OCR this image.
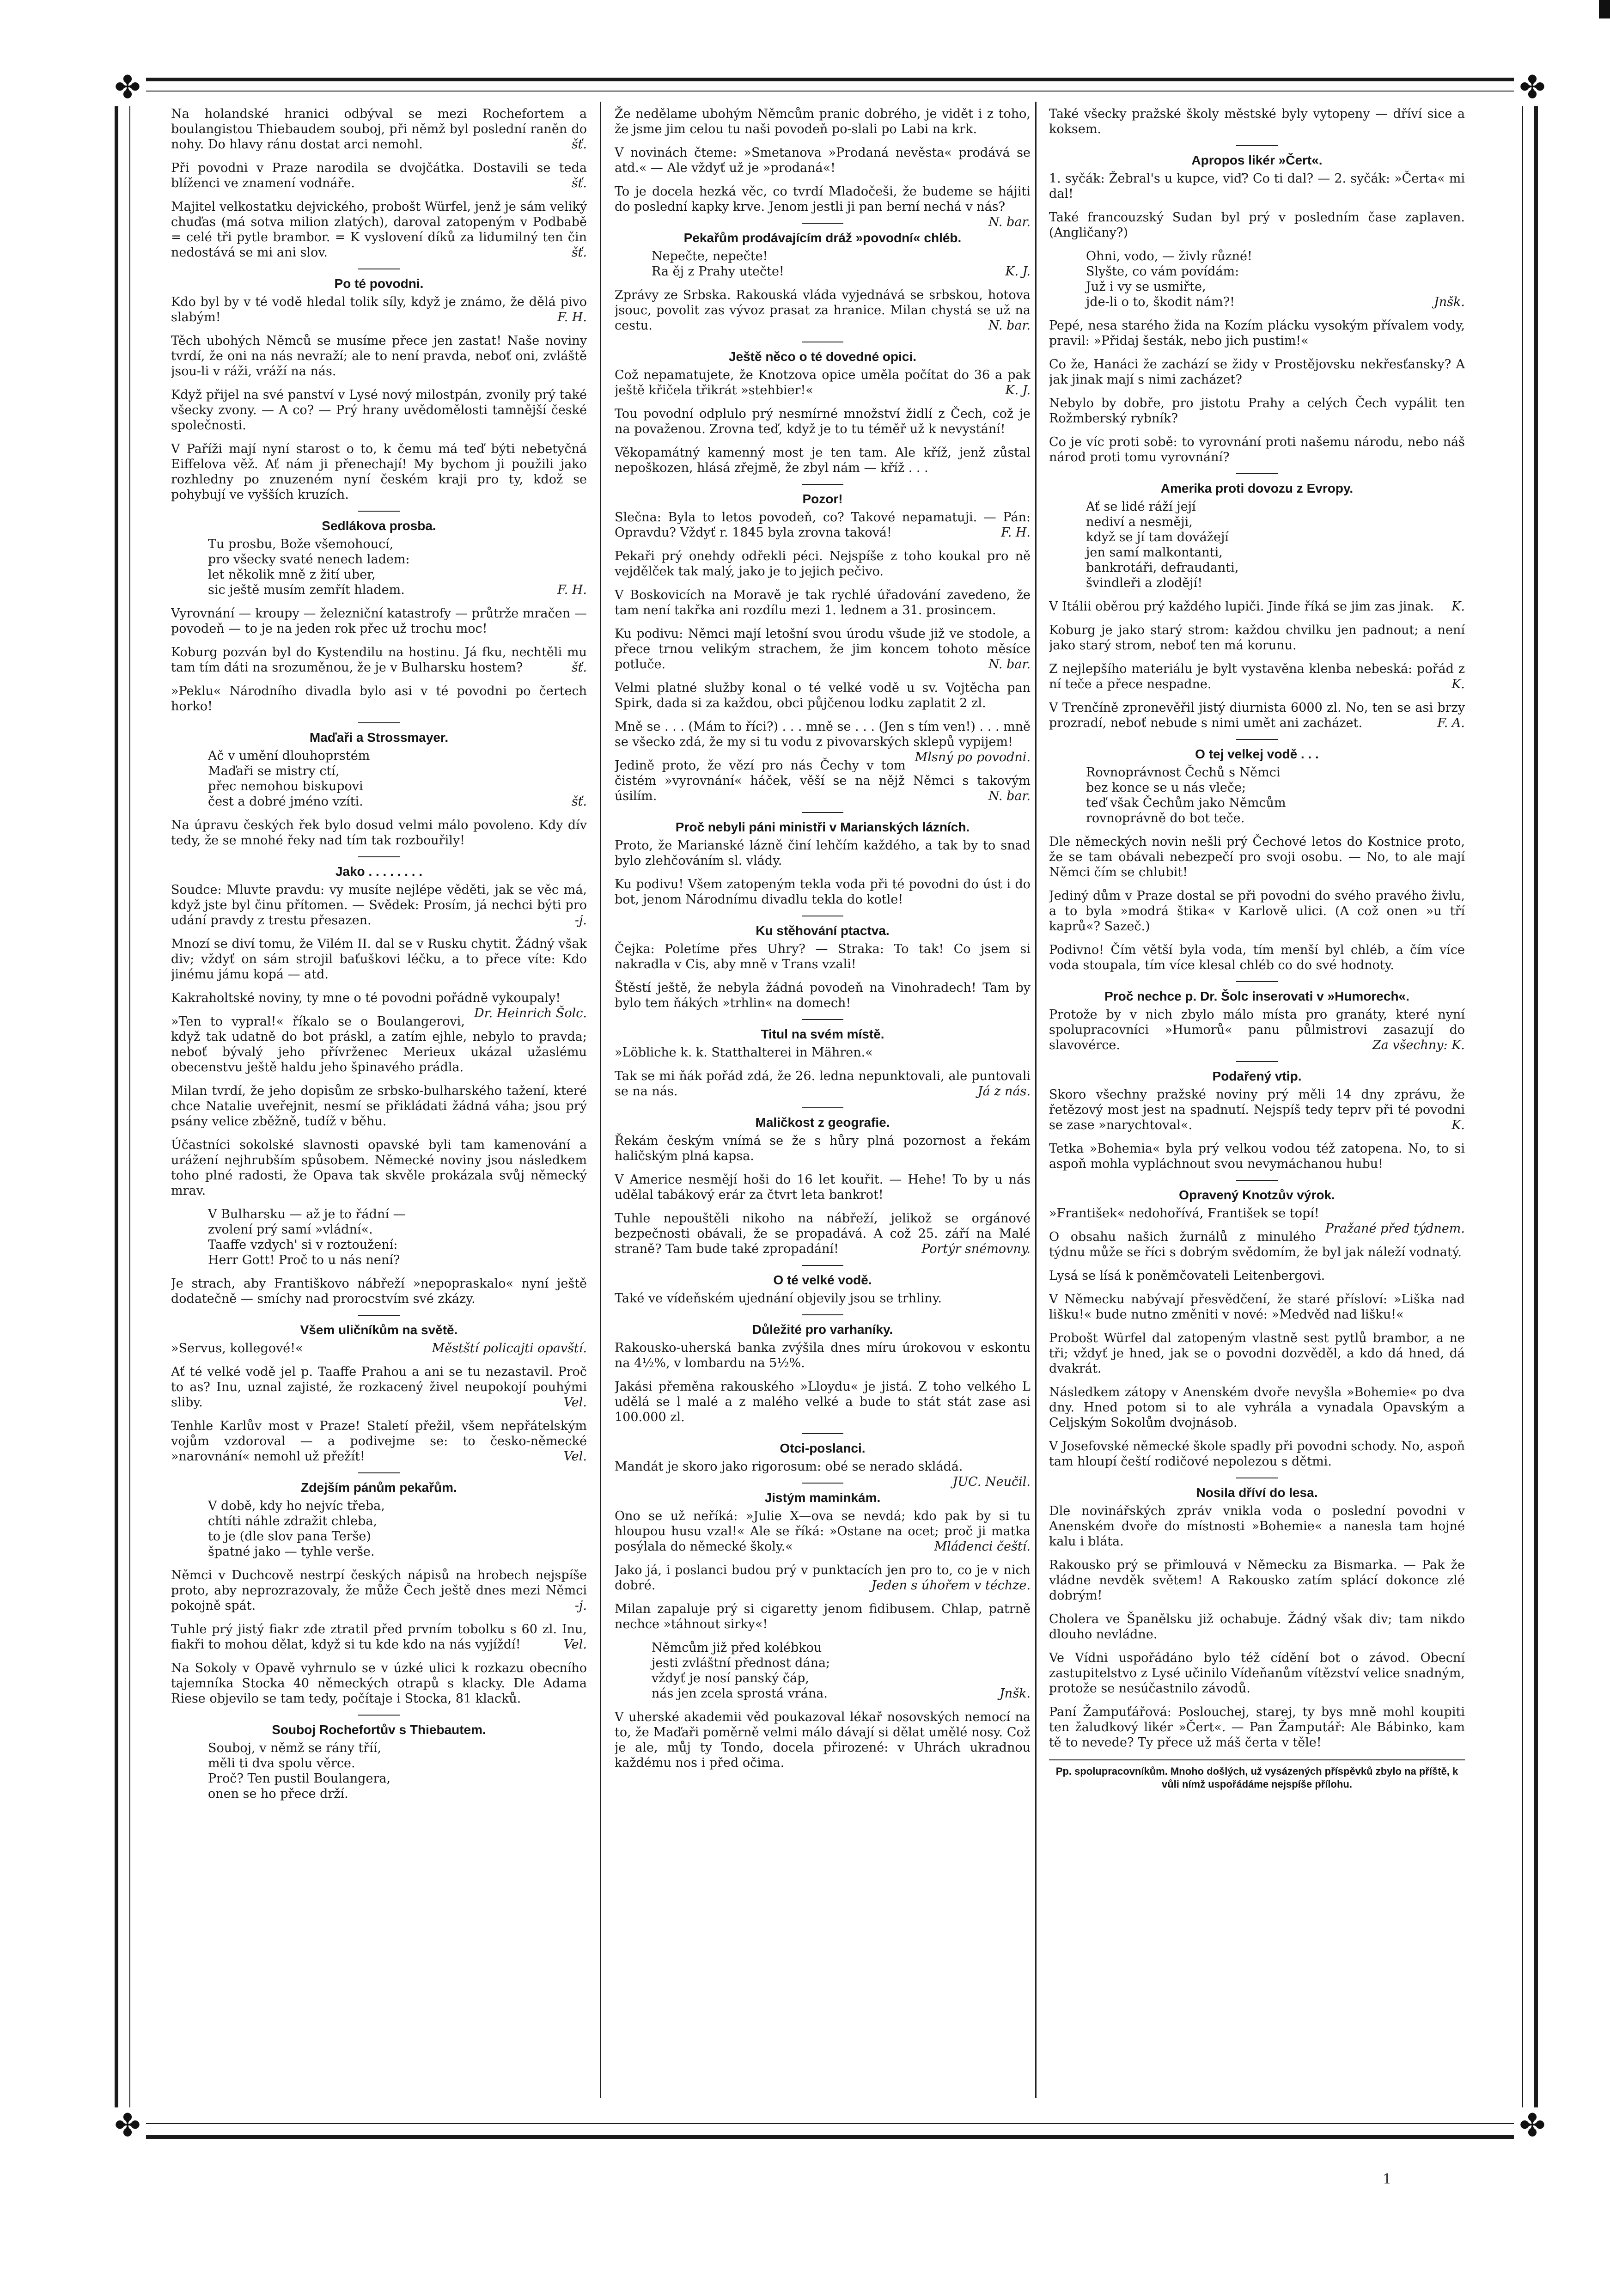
✤	✤
✤	✤
Na holandské hranici odbýval se mezi Rochefortem a boulangistou Thiebaudem souboj, při němž byl poslední raněn do nohy. Do hlavy ránu dostat arci nemohl.	šť.
Při povodni v Praze narodila se dvojčátka. Dostavili se teda blíženci ve znamení vodnáře.	šť.
Majitel velkostatku dejvického, probošt Würfel, jenž je sám veliký chuďas (má sotva milion zlatých), daroval zatopeným v Podbabě = celé tři pytle brambor. = K vyslovení díků za lidumilný ten čin nedostává se mi ani slov.	šť.
Po té povodni.
Kdo byl by v té vodě hledal tolik síly, když je známo, že dělá pivo slabým!	F. H.
Těch ubohých Němců se musíme přece jen zastat! Naše noviny tvrdí, že oni na nás nevraží; ale to není pravda, neboť oni, zvláště jsou-li v ráži, vráží na nás.
Když přijel na své panství v Lysé nový milostpán, zvonily prý také všecky zvony. — A co? — Prý hrany uvědomělosti tamnější české společnosti.
V Paříži mají nyní starost o to, k čemu má teď býti nebetyčná Eiffelova věž. Ať nám ji přenechají! My bychom ji použili jako rozhledny po znuzeném nyní českém kraji pro ty, kdož se pohybují ve vyšších kruzích.
Sedlákova prosba.
Tu prosbu, Bože všemohoucí,
pro všecky svaté nenech ladem:
let několik mně z žití uber,
sic ještě musím zemřít hladem.	F. H.
Vyrovnání — kroupy — železniční katastrofy — průtrže mračen — povodeň — to je na jeden rok přec už trochu moc!
Koburg pozván byl do Kystendilu na hostinu. Já fku, nechtěli mu tam tím dáti na srozuměnou, že je v Bulharsku hostem?	šť.
»Peklu« Národního divadla bylo asi v té povodni po čertech horko!
Maďaři a Strossmayer.
Ač v umění dlouhoprstém
Maďaři se mistry ctí,
přec nemohou biskupovi
čest a dobré jméno vzíti.	šť.
Na úpravu českých řek bylo dosud velmi málo povoleno. Kdy dív tedy, že se mnohé řeky nad tím tak rozbouřily!
Jako . . . . . . . .
Soudce: Mluvte pravdu: vy musíte nejlépe věděti, jak se věc má, když jste byl činu přítomen. — Svědek: Prosím, já nechci býti pro udání pravdy z trestu přesazen.	-j.
Mnozí se diví tomu, že Vilém II. dal se v Rusku chytit. Žádný však div; vždyť on sám strojil baťuškovi léčku, a to přece víte: Kdo jinému jámu kopá — atd.
Kakraholtské noviny, ty mne o té povodni pořádně vykoupaly!
Dr. Heinrich Šolc.
»Ten to vypral!« říkalo se o Boulangerovi, když tak udatně do bot práskl, a zatím ejhle, nebylo to pravda; neboť bývalý jeho přívrženec Merieux ukázal užaslému obecenstvu ještě haldu jeho špinavého prádla.
Milan tvrdí, že jeho dopisům ze srbsko-bulharského tažení, které chce Natalie uveřejnit, nesmí se přikládati žádná váha; jsou prý psány velice zběžně, tudíž v běhu.
Účastníci sokolské slavnosti opavské byli tam kamenování a urážení nejhrubším spůsobem. Německé noviny jsou následkem toho plné radosti, že Opava tak skvěle prokázala svůj německý mrav.
V Bulharsku — až je to řádní —
zvolení prý samí »vládní«.
Taaffe vzdych' si v roztoužení:
Herr Gott! Proč to u nás není?
Je strach, aby Františkovo nábřeží »nepopraskalo« nyní ještě dodatečně — smíchy nad prorocstvím své zkázy.
Všem uličníkům na světě.
»Servus, kollegové!«	Městští policajti opavští.
Ať té velké vodě jel p. Taaffe Prahou a ani se tu nezastavil. Proč to as? Inu, uznal zajisté, že rozkacený živel neupokojí pouhými sliby.	Vel.
Tenhle Karlův most v Praze! Staletí přežil, všem nepřátelským vojům vzdoroval — a podivejme se: to česko-německé »narovnání« nemohl už přežít!	Vel.
Zdejším pánům pekařům.
V době, kdy ho nejvíc třeba,
chtíti náhle zdražit chleba,
to je (dle slov pana Terše)
špatné jako — tyhle verše.
Němci v Duchcově nestrpí českých nápisů na hrobech nejspíše proto, aby neprozrazovaly, že může Čech ještě dnes mezi Němci pokojně spát.	-j.
Tuhle prý jistý fiakr zde ztratil před prvním tobolku s 60 zl. Inu, fiakři to mohou dělat, když si tu kde kdo na nás vyjíždí!	Vel.
Na Sokoly v Opavě vyhrnulo se v úzké ulici k rozkazu obecního tajemníka Stocka 40 německých otrapů s klacky. Dle Adama Riese objevilo se tam tedy, počítaje i Stocka, 81 klacků.
Souboj Rochefortův s Thiebautem.
Souboj, v němž se rány tříí,
měli ti dva spolu věrce.
Proč? Ten pustil Boulangera,
onen se ho přece drží.
Že nedělame ubohým Němcům pranic dobrého, je vidět i z toho, že jsme jim celou tu naši povodeň po-slali po Labi na krk.
V novinách čteme: »Smetanova »Prodaná nevěsta« prodává se atd.« — Ale vždyť už je »prodaná«!
To je docela hezká věc, co tvrdí Mladočeši, že budeme se hájiti do poslední kapky krve. Jenom jestli ji pan berní nechá v nás?
N. bar.
Pekařům prodávajícím dráž »povodní« chléb.
Nepečte, nepečte!
Ra ěj z Prahy utečte!	K. J.
Zprávy ze Srbska. Rakouská vláda vyjednává se srbskou, hotova jsouc, povolit zas vývoz prasat za hranice. Milan chystá se už na cestu.	N. bar.
Ještě něco o té dovedné opici.
Což nepamatujete, že Knotzova opice uměla počítat do 36 a pak ještě křičela třikrát »stehbier!«	K. J.
Tou povodní odplulo prý nesmírné množství židlí z Čech, což je na považenou. Zrovna teď, když je to tu téměř už k nevystání!
Věkopamátný kamenný most je ten tam. Ale kříž, jenž zůstal nepoškozen, hlásá zřejmě, že zbyl nám — kříž . . .
Pozor!
Slečna: Byla to letos povodeň, co? Takové nepamatuji. — Pán: Opravdu? Vždyť r. 1845 byla zrovna taková!	F. H.
Pekaři prý onehdy odřekli péci. Nejspíše z toho koukal pro ně vejdělček tak malý, jako je to jejich pečivo.
V Boskovicích na Moravě je tak rychlé úřadování zavedeno, že tam není takřka ani rozdílu mezi 1. lednem a 31. prosincem.
Ku podivu: Němci mají letošní svou úrodu všude již ve stodole, a přece trnou velikým strachem, že jim koncem tohoto měsíce potluče.	N. bar.
Velmi platné služby konal o té velké vodě u sv. Vojtěcha pan Spirk, dada si za každou, obci půjčenou lodku zaplatit 2 zl.
Mně se . . . (Mám to říci?) . . . mně se . . . (Jen s tím ven!) . . . mně se všecko zdá, že my si tu vodu z pivovarských sklepů vypijem!
Mlsný po povodni.
Jedině proto, že vězí pro nás Čechy v tom čistém »vyrovnání« háček, věší se na nějž Němci s takovým úsilím.	N. bar.
Proč nebyli páni ministři v Marianských lázních.
Proto, že Marianské lázně činí lehčím každého, a tak by to snad bylo zlehčováním sl. vlády.
Ku podivu! Všem zatopeným tekla voda při té povodni do úst i do bot, jenom Národnímu divadlu tekla do kotle!
Ku stěhování ptactva.
Čejka: Poletíme přes Uhry? — Straka: To tak! Co jsem si nakradla v Cis, aby mně v Trans vzali!
Štěstí ještě, že nebyla žádná povodeň na Vinohradech! Tam by bylo tem ňákých »trhlin« na domech!
Titul na svém místě.
»Löbliche k. k. Statthalterei in Mähren.«
Tak se mi ňák pořád zdá, že 26. ledna nepunktovali, ale puntovali se na nás.	Já z nás.
Maličkost z geografie.
Řekám českým vnímá se že s hůry plná pozornost a řekám haličským plná kapsa.
V Americe nesmějí hoši do 16 let kouřit. — Hehe! To by u nás udělal tabákový erár za čtvrt leta bankrot!
Tuhle nepouštěli nikoho na nábřeží, jelikož se orgánové bezpečnosti obávali, že se propadává. A což 25. září na Malé straně? Tam bude také zpropadání!	Portýr snémovny.
O té velké vodě.
Také ve vídeňském ujednání objevily jsou se trhliny.
Důležité pro varhaníky.
Rakousko-uherská banka zvýšila dnes míru úrokovou v eskontu na 4½%, v lombardu na 5½%.
Jakási přeměna rakouského »Lloydu« je jistá. Z toho velkého L udělá se l malé a z malého velké a bude to stát stát zase asi 100.000 zl.
Otci-poslanci.
Mandát je skoro jako rigorosum: obé se nerado skládá.
JUC. Neučil.
Jistým maminkám.
Ono se už neříká: »Julie X—ova se nevdá; kdo pak by si tu hloupou husu vzal!« Ale se říká: »Ostane na ocet; proč ji matka posýlala do německé školy.«	Mládenci čeští.
Jako já, i poslanci budou prý v punktacích jen pro to, co je v nich dobré.	Jeden s úhořem v téchze.
Milan zapaluje prý si cigaretty jenom fidibusem. Chlap, patrně nechce »táhnout sirky«!
Němcům již před kolébkou
jesti zvláštní přednost dána;
vždyť je nosí panský čáp,
nás jen zcela sprostá vrána.	Jnšk.
V uherské akademii věd poukazoval lékař nosovských nemocí na to, že Maďaři poměrně velmi málo dávají si dělat umělé nosy. Což je ale, můj ty Tondo, docela přirozené: v Uhrách ukradnou každému nos i před očima.
Také všecky pražské školy městské byly vytopeny — dříví sice a koksem.
Apropos likér »Čert«.
1. syčák: Žebral's u kupce, viď? Co ti dal? — 2. syčák: »Čerta« mi dal!
Také francouzský Sudan byl prý v posledním čase zaplaven. (Angličany?)
Ohni, vodo, — živly různé!
Slyšte, co vám povídám:
Juž i vy se usmiřte,
jde-li o to, škodit nám?!	Jnšk.
Pepé, nesa starého žida na Kozím plácku vysokým přívalem vody, pravil: »Přidaj šesták, nebo jich pustim!«
Co že, Hanáci že zachází se židy v Prostějovsku nekřesťansky? A jak jinak mají s nimi zacházet?
Nebylo by dobře, pro jistotu Prahy a celých Čech vypálit ten Rožmberský rybník?
Co je víc proti sobě: to vyrovnání proti našemu národu, nebo náš národ proti tomu vyrovnání?
Amerika proti dovozu z Evropy.
Ať se lidé ráží její
nediví a nesměji,
když se jí tam dovážejí
jen samí malkontanti,
bankrotáři, defraudanti,
švindleři a zlodějí!
V Itálii oběrou prý každého lupiči. Jinde říká se jim zas jinak. K.
Koburg je jako starý strom: každou chvilku jen padnout; a není jako starý strom, neboť ten má korunu.
Z nejlepšího materiálu je bylt vystavěna klenba nebeská: pořád z ní teče a přece nespadne.	K.
V Trenčíně zpronevěřil jistý diurnista 6000 zl. No, ten se asi brzy prozradí, neboť nebude s nimi umět ani zacházet.	F. A.
O tej velkej vodě . . .
Rovnoprávnost Čechů s Němci
bez konce se u nás vleče;
teď však Čechům jako Němcům
rovnoprávně do bot teče.
Dle německých novin nešli prý Čechové letos do Kostnice proto, že se tam obávali nebezpečí pro svoji osobu. — No, to ale mají Němci čím se chlubit!
Jediný dům v Praze dostal se při povodni do svého pravého živlu, a to byla »modrá štika« v Karlově ulici. (A což onen »u tří kaprů«? Sazeč.)
Podivno! Čím větší byla voda, tím menší byl chléb, a čím více voda stoupala, tím více klesal chléb co do své hodnoty.
Proč nechce p. Dr. Šolc inserovati v »Humorech«.
Protože by v nich zbylo málo místa pro granáty, které nyní spolupracovníci »Humorů« panu půlmistrovi zasazují do slavovérce.	Za všechny: K.
Podařený vtip.
Skoro všechny pražské noviny prý měli 14 dny zprávu, že řetězový most jest na spadnutí. Nejspíš tedy teprv při té povodni se zase »narychtoval«.	K.
Tetka »Bohemia« byla prý velkou vodou též zatopena. No, to si aspoň mohla vypláchnout svou nevymáchanou hubu!
Opravený Knotzův výrok.
»František« nedohořívá, František se topí!
Pražané před týdnem.
O obsahu našich žurnálů z minulého týdnu může se říci s dobrým svědomím, že byl jak náleží vodnatý.
Lysá se lísá k poněmčovateli Leitenbergovi.
V Německu nabývají přesvědčení, že staré přísloví: »Liška nad lišku!« bude nutno změniti v nové: »Medvěd nad lišku!«
Probošt Würfel dal zatopeným vlastně sest pytlů brambor, a ne tři; vždyť je hned, jak se o povodni dozvěděl, a kdo dá hned, dá dvakrát.
Následkem zátopy v Anenském dvoře nevyšla »Bohemie« po dva dny. Hned potom si to ale vyhrála a vynadala Opavským a Celjským Sokolům dvojnásob.
V Josefovské německé škole spadly při povodni schody. No, aspoň tam hloupí čeští rodičové nepolezou s dětmi.
Nosila dříví do lesa.
Dle novinářských zpráv vnikla voda o poslední povodni v Anenském dvoře do místnosti »Bohemie« a nanesla tam hojné kalu i bláta.
Rakousko prý se přimlouvá v Německu za Bismarka. — Pak že vládne nevděk světem! A Rakousko zatím splácí dokonce zlé dobrým!
Cholera ve Španělsku již ochabuje. Žádný však div; tam nikdo dlouho nevládne.
Ve Vídni uspořádáno bylo též cídění bot o závod. Obecní zastupitelstvo z Lysé učinilo Vídeňanům vítězství velice snadným, protože se nesúčastnilo závodů.
Paní Žampuťářová: Poslouchej, starej, ty bys mně mohl koupiti ten žaludkový likér »Čert«. — Pan Žamputář: Ale Bábinko, kam tě to nevede? Ty přece už máš čerta v těle!
Pp. spolupracovníkům. Mnoho došlých, už vysázených příspěvků zbylo na příště, k vůli nímž uspořádáme nejspíše přílohu.
1
